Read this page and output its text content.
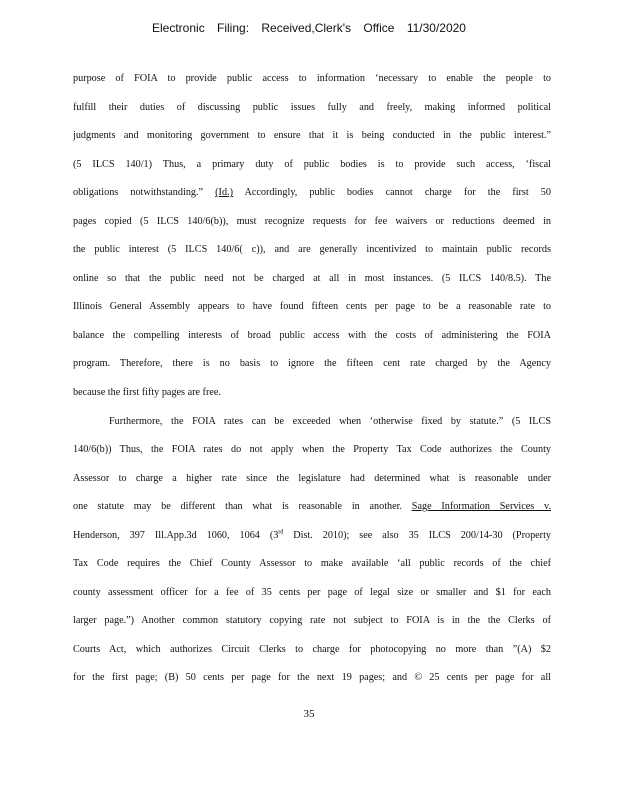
Electronic Filing: Received,Clerk's Office 11/30/2020
purpose of FOIA to provide public access to information ‘necessary to enable the people to
fulfill their duties of discussing public issues fully and freely, making informed political
judgments and monitoring government to ensure that it is being conducted in the public interest.”
(5 ILCS 140/1) Thus, a primary duty of public bodies is to provide such access, ‘fiscal
obligations notwithstanding.” (Id.) Accordingly, public bodies cannot charge for the first 50
pages copied (5 ILCS 140/6(b)), must recognize requests for fee waivers or reductions deemed in
the public interest (5 ILCS 140/6( c)), and are generally incentivized to maintain public records
online so that the public need not be charged at all in most instances. (5 ILCS 140/8.5). The
Illinois General Assembly appears to have found fifteen cents per page to be a reasonable rate to
balance the compelling interests of broad public access with the costs of administering the FOIA
program. Therefore, there is no basis to ignore the fifteen cent rate charged by the Agency
because the first fifty pages are free.
Furthermore, the FOIA rates can be exceeded when ‘otherwise fixed by statute.” (5 ILCS
140/6(b)) Thus, the FOIA rates do not apply when the Property Tax Code authorizes the County
Assessor to charge a higher rate since the legislature had determined what is reasonable under
one statute may be different than what is reasonable in another. Sage Information Services v.
Henderson, 397 Ill.App.3d 1060, 1064 (3rd Dist. 2010); see also 35 ILCS 200/14-30 (Property
Tax Code requires the Chief County Assessor to make available ‘all public records of the chief
county assessment officer for a fee of 35 cents per page of legal size or smaller and $1 for each
larger page.”) Another common statutory copying rate not subject to FOIA is in the the Clerks of
Courts Act, which authorizes Circuit Clerks to charge for photocopying no more than ”(A) $2
for the first page; (B) 50 cents per page for the next 19 pages; and © 25 cents per page for all
35
